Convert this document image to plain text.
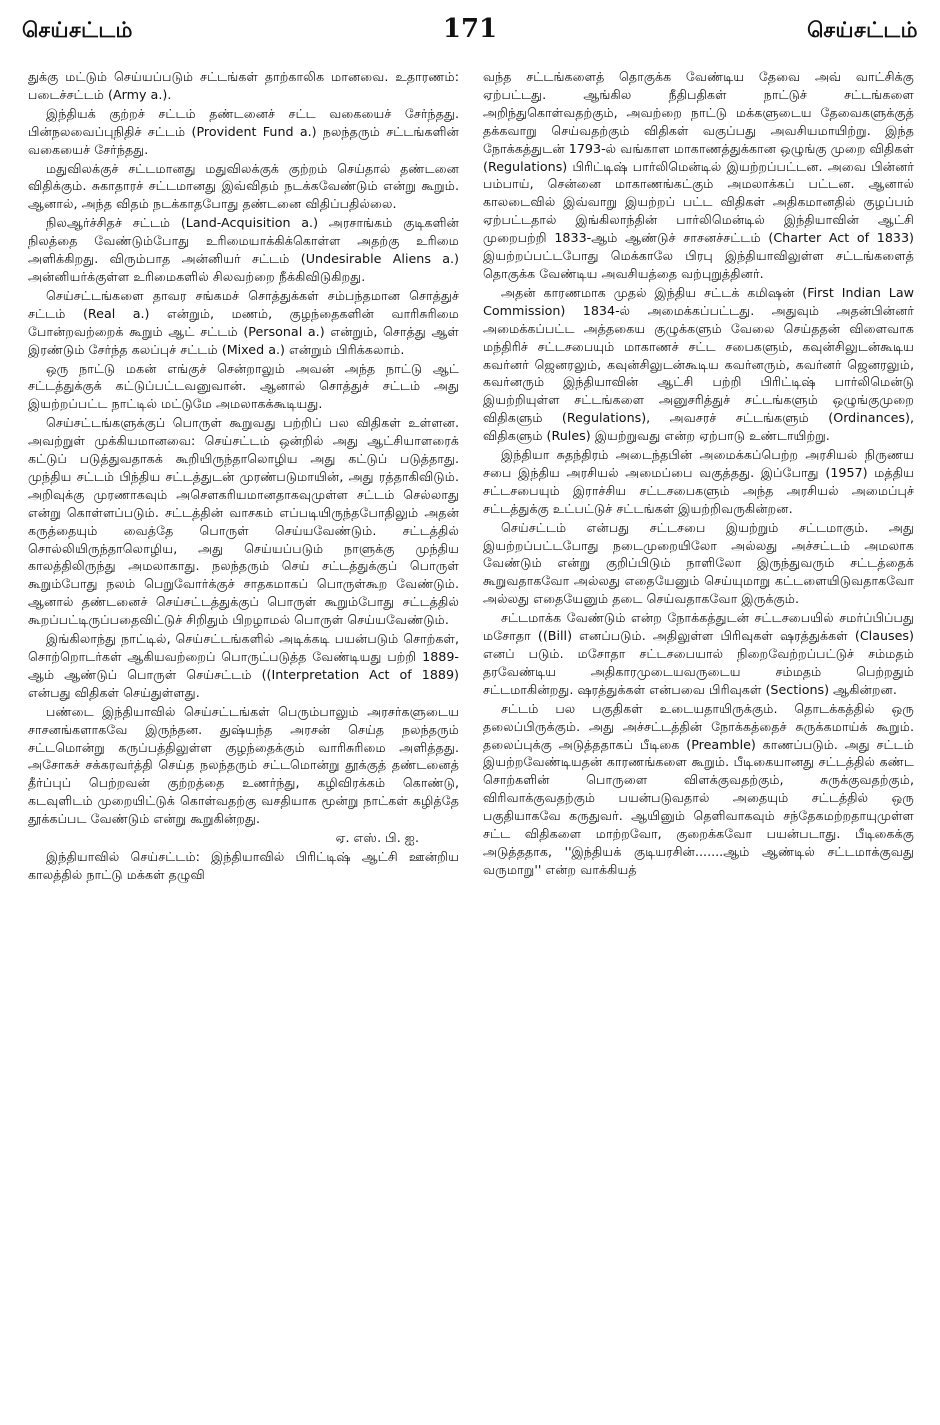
செய்சட்டம்	171	செய்சட்டம்

துக்கு மட்டும் செய்யப்படும் சட்டங்கள் தாற்காலிக மானவை. உதாரணம்: படைச்சட்டம் (Army a.).

இந்தியக் குற்றச் சட்டம் தண்டனைச் சட்ட வகையைச் சேர்ந்தது. பின்நலவைப்புநிதிச் சட்டம் (Provident Fund a.) நலந்தரும் சட்டங்களின் வகையைச் சேர்ந்தது.

மதுவிலக்குச் சட்டமானது மதுவிலக்குக் குற்றம் செய்தால் தண்டனை விதிக்கும். சுகாதாரச் சட்டமானது இவ்விதம் நடக்கவேண்டும் என்று கூறும். ஆனால், அந்த விதம் நடக்காதபோது தண்டனை விதிப்பதில்லை.

நிலஆர்ச்சிதச் சட்டம் (Land-Acquisition a.) அரசாங்கம் குடிகளின் நிலத்தை வேண்டும்போது உரிமையாக்கிக்கொள்ள அதற்கு உரிமை அளிக்கிறது. விரும்பாத அன்னியர் சட்டம் (Undesirable Aliens a.) அன்னியர்க்குள்ள உரிமைகளில் சிலவற்றை நீக்கிவிடுகிறது.

செய்சட்டங்களை தாவர சங்கமச் சொத்துக்கள் சம்பந்தமான சொத்துச் சட்டம் (Real a.) என்றும், மணம், குழந்தைகளின் வாரிசுரிமை போன்றவற்றைக் கூறும் ஆட் சட்டம் (Personal a.) என்றும், சொத்து ஆள் இரண்டும் சேர்ந்த கலப்புச் சட்டம் (Mixed a.) என்றும் பிரிக்கலாம்.

ஒரு நாட்டு மகன் எங்குச் சென்றாலும் அவன் அந்த நாட்டு ஆட் சட்டத்துக்குக் கட்டுப்பட்டவனுவான். ஆனால் சொத்துச் சட்டம் அது இயற்றப்பட்ட நாட்டில் மட்டுமே அமலாகக்கூடியது.

செய்சட்டங்களுக்குப் பொருள் கூறுவது பற்றிப் பல விதிகள் உள்ளன. அவற்றுள் முக்கியமானவை: செய்சட்டம் ஒன்றில் அது ஆட்சியாளரைக் கட்டுப் படுத்துவதாகக் கூறியிருந்தாலொழிய அது கட்டுப் படுத்தாது. முந்திய சட்டம் பிந்திய சட்டத்துடன் முரண்படுமாயின், அது ரத்தாகிவிடும். அறிவுக்கு முரணாகவும் அசௌகரியமானதாகவுமுள்ள சட்டம் செல்லாது என்று கொள்ளப்படும். சட்டத்தின் வாசகம் எப்படியிருந்தபோதிலும் அதன் கருத்தையும் வைத்தே பொருள் செய்யவேண்டும். சட்டத்தில் சொல்லியிருந்தாலொழிய, அது செய்யப்படும் நாளுக்கு முந்திய காலத்திலிருந்து அமலாகாது. நலந்தரும் செய் சட்டத்துக்குப் பொருள் கூறும்போது நலம் பெறுவோர்க்குச் சாதகமாகப் பொருள்கூற வேண்டும். ஆனால் தண்டனைச் செய்சட்டத்துக்குப் பொருள் கூறும்போது சட்டத்தில் கூறப்பட்டிருப்பதைவிட்டுச் சிறிதும் பிறழாமல் பொருள் செய்யவேண்டும்.

இங்கிலாந்து நாட்டில், செய்சட்டங்களில் அடிக்கடி பயன்படும் சொற்கள், சொற்றொடர்கள் ஆகியவற்றைப் பொருட்படுத்த வேண்டியது பற்றி 1889-ஆம் ஆண்டுப் பொருள் செய்சட்டம் ((Interpretation Act of 1889) என்பது விதிகள் செய்துள்ளது.

பண்டை இந்தியாவில் செய்சட்டங்கள் பெரும்பாலும் அரசர்களுடைய சாசனங்களாகவே இருந்தன. துஷ்யந்த அரசன் செய்த நலந்தரும் சட்டமொன்று கருப்பத்திலுள்ள குழந்தைக்கும் வாரிசுரிமை அளித்தது. அசோகச் சக்கரவர்த்தி செய்த நலந்தரும் சட்டமொன்று தூக்குத் தண்டனைத் தீர்ப்புப் பெற்றவன் குற்றத்தை உணர்ந்து, கழிவிரக்கம் கொண்டு, கடவுளிடம் முறையிட்டுக் கொள்வதற்கு வசதியாக மூன்று நாட்கள் கழித்தே தூக்கப்பட வேண்டும் என்று கூறுகின்றது.

ஏ. எஸ். பி. ஐ.

இந்தியாவில் செய்சட்டம்: இந்தியாவில் பிரிட்டிஷ் ஆட்சி ஊன்றிய காலத்தில் நாட்டு மக்கள் தழுவி

வந்த சட்டங்களைத் தொகுக்க வேண்டிய தேவை அவ் வாட்சிக்கு ஏற்பட்டது. ஆங்கில நீதிபதிகள் நாட்டுச் சட்டங்களை அறிந்துகொள்வதற்கும், அவற்றை நாட்டு மக்களுடைய தேவைகளுக்குத் தக்கவாறு செய்வதற்கும் விதிகள் வகுப்பது அவசியமாயிற்று. இந்த நோக்கத்துடன் 1793-ல் வங்காள மாகாணத்துக்கான ஒழுங்கு முறை விதிகள் (Regulations) பிரிட்டிஷ் பார்லிமென்டில் இயற்றப்பட்டன. அவை பின்னர் பம்பாய், சென்னை மாகாணங்கட்கும் அமலாக்கப் பட்டன. ஆனால் காலடைவில் இவ்வாறு இயற்றப் பட்ட விதிகள் அதிகமானதில் குழப்பம் ஏற்பட்டதால் இங்கிலாந்தின் பார்லிமென்டில் இந்தியாவின் ஆட்சி முறைபற்றி 1833-ஆம் ஆண்டுச் சாசனச்சட்டம் (Charter Act of 1833) இயற்றப்பட்டபோது மெக்காலே பிரபு இந்தியாவிலுள்ள சட்டங்களைத் தொகுக்க வேண்டிய அவசியத்தை வற்புறுத்தினர்.

அதன் காரணமாக முதல் இந்திய சட்டக் கமிஷன் (First Indian Law Commission) 1834-ல் அமைக்கப்பட்டது. அதுவும் அதன்பின்னர் அமைக்கப்பட்ட அத்தகைய குழுக்களும் வேலை செய்ததன் விளைவாக மந்திரிச் சட்டசபையும் மாகாணச் சட்ட சபைகளும், கவுன்சிலுடன்கூடிய கவர்னர் ஜெனரலும், கவுன்சிலுடன்கூடிய கவர்னரும், கவர்னர் ஜெனரலும், கவர்னரும் இந்தியாவின் ஆட்சி பற்றி பிரிட்டிஷ் பார்லிமென்டு இயற்றியுள்ள சட்டங்களை அனுசரித்துச் சட்டங்களும் ஒழுங்குமுறை விதிகளும் (Regulations), அவசரச் சட்டங்களும் (Ordinances), விதிகளும் (Rules) இயற்றுவது என்ற ஏற்பாடு உண்டாயிற்று.

இந்தியா சுதந்திரம் அடைந்தபின் அமைக்கப்பெற்ற அரசியல் நிருணய சபை இந்திய அரசியல் அமைப்பை வகுத்தது. இப்போது (1957) மத்திய சட்டசபையும் இராச்சிய சட்டசபைகளும் அந்த அரசியல் அமைப்புச் சட்டத்துக்கு உட்பட்டுச் சட்டங்கள் இயற்றிவருகின்றன.

செய்சட்டம் என்பது சட்டசபை இயற்றும் சட்டமாகும். அது இயற்றப்பட்டபோது நடைமுறையிலோ அல்லது அச்சட்டம் அமலாக வேண்டும் என்று குறிப்பிடும் நாளிலோ இருந்துவரும் சட்டத்தைக் கூறுவதாகவோ அல்லது எதையேனும் செய்யுமாறு கட்டளையிடுவதாகவோ அல்லது எதையேனும் தடை செய்வதாகவோ இருக்கும்.

சட்டமாக்க வேண்டும் என்ற நோக்கத்துடன் சட்டசபையில் சமர்ப்பிப்பது மசோதா ((Bill) எனப்படும். அதிலுள்ள பிரிவுகள் ஷரத்துக்கள் (Clauses) எனப் படும். மசோதா சட்டசபையால் நிறைவேற்றப்பட்டுச் சம்மதம் தரவேண்டிய அதிகாரமுடையவருடைய சம்மதம் பெற்றதும் சட்டமாகின்றது. ஷரத்துக்கள் என்பவை பிரிவுகள் (Sections) ஆகின்றன.

சட்டம் பல பகுதிகள் உடையதாயிருக்கும். தொடக்கத்தில் ஒரு தலைப்பிருக்கும். அது அச்சட்டத்தின் நோக்கத்தைச் சுருக்கமாய்க் கூறும். தலைப்புக்கு அடுத்ததாகப் பீடிகை (Preamble) காணப்படும். அது சட்டம் இயற்றவேண்டியதன் காரணங்களை கூறும். பீடிகையானது சட்டத்தில் கண்ட சொற்களின் பொருளை விளக்குவதற்கும், சுருக்குவதற்கும், விரிவாக்குவதற்கும் பயன்படுவதால் அதையும் சட்டத்தில் ஒரு பகுதியாகவே கருதுவர். ஆயினும் தெளிவாகவும் சந்தேகமற்றதாயுமுள்ள சட்ட விதிகளை மாற்றவோ, குறைக்கவோ பயன்படாது. பீடிகைக்கு அடுத்ததாக, ''இந்தியக் குடியரசின்.......ஆம் ஆண்டில் சட்டமாக்குவது வருமாறு'' என்ற வாக்கியத்
